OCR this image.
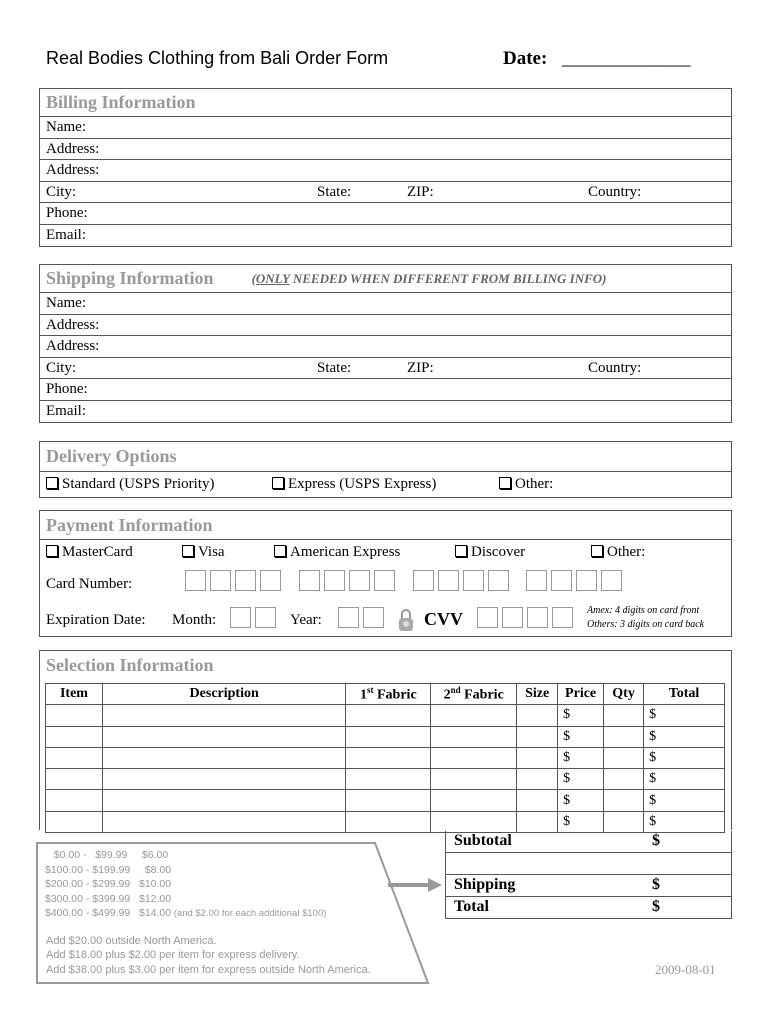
Real Bodies Clothing from Bali Order Form	Date: _______________
Billing Information
Name:
Address:
Address:
City:	State:	ZIP:	Country:
Phone:
Email:
Shipping Information	(ONLY NEEDED WHEN DIFFERENT FROM BILLING INFO)
Name:
Address:
Address:
City:	State:	ZIP:	Country:
Phone:
Email:
Delivery Options
Standard (USPS Priority)	Express (USPS Express)	Other:
Payment Information
MasterCard	Visa	American Express	Discover	Other:
Card Number:

Expiration Date: Month:	Year:	CVV	Amex: 4 digits on card front
Others: 3 digits on card back
Selection Information
Item	Description	1st Fabric	2nd Fabric	Size	Price	Qty	Total
					$		$
					$		$
					$		$
					$		$
					$		$
					$		$
Subtotal	$
Shipping	$
Total	$
$0.00 -   $99.99     $6.00
$100.00 - $199.99     $8.00
$200.00 - $299.99   $10.00
$300.00 - $399.99   $12.00
$400.00 - $499.99   $14.00 (and $2.00 for each additional $100)
Add $20.00 outside North America.
Add $18.00 plus $2.00 per item for express delivery.
Add $38.00 plus $3.00 per item for express outside North America.	2009-08-01
